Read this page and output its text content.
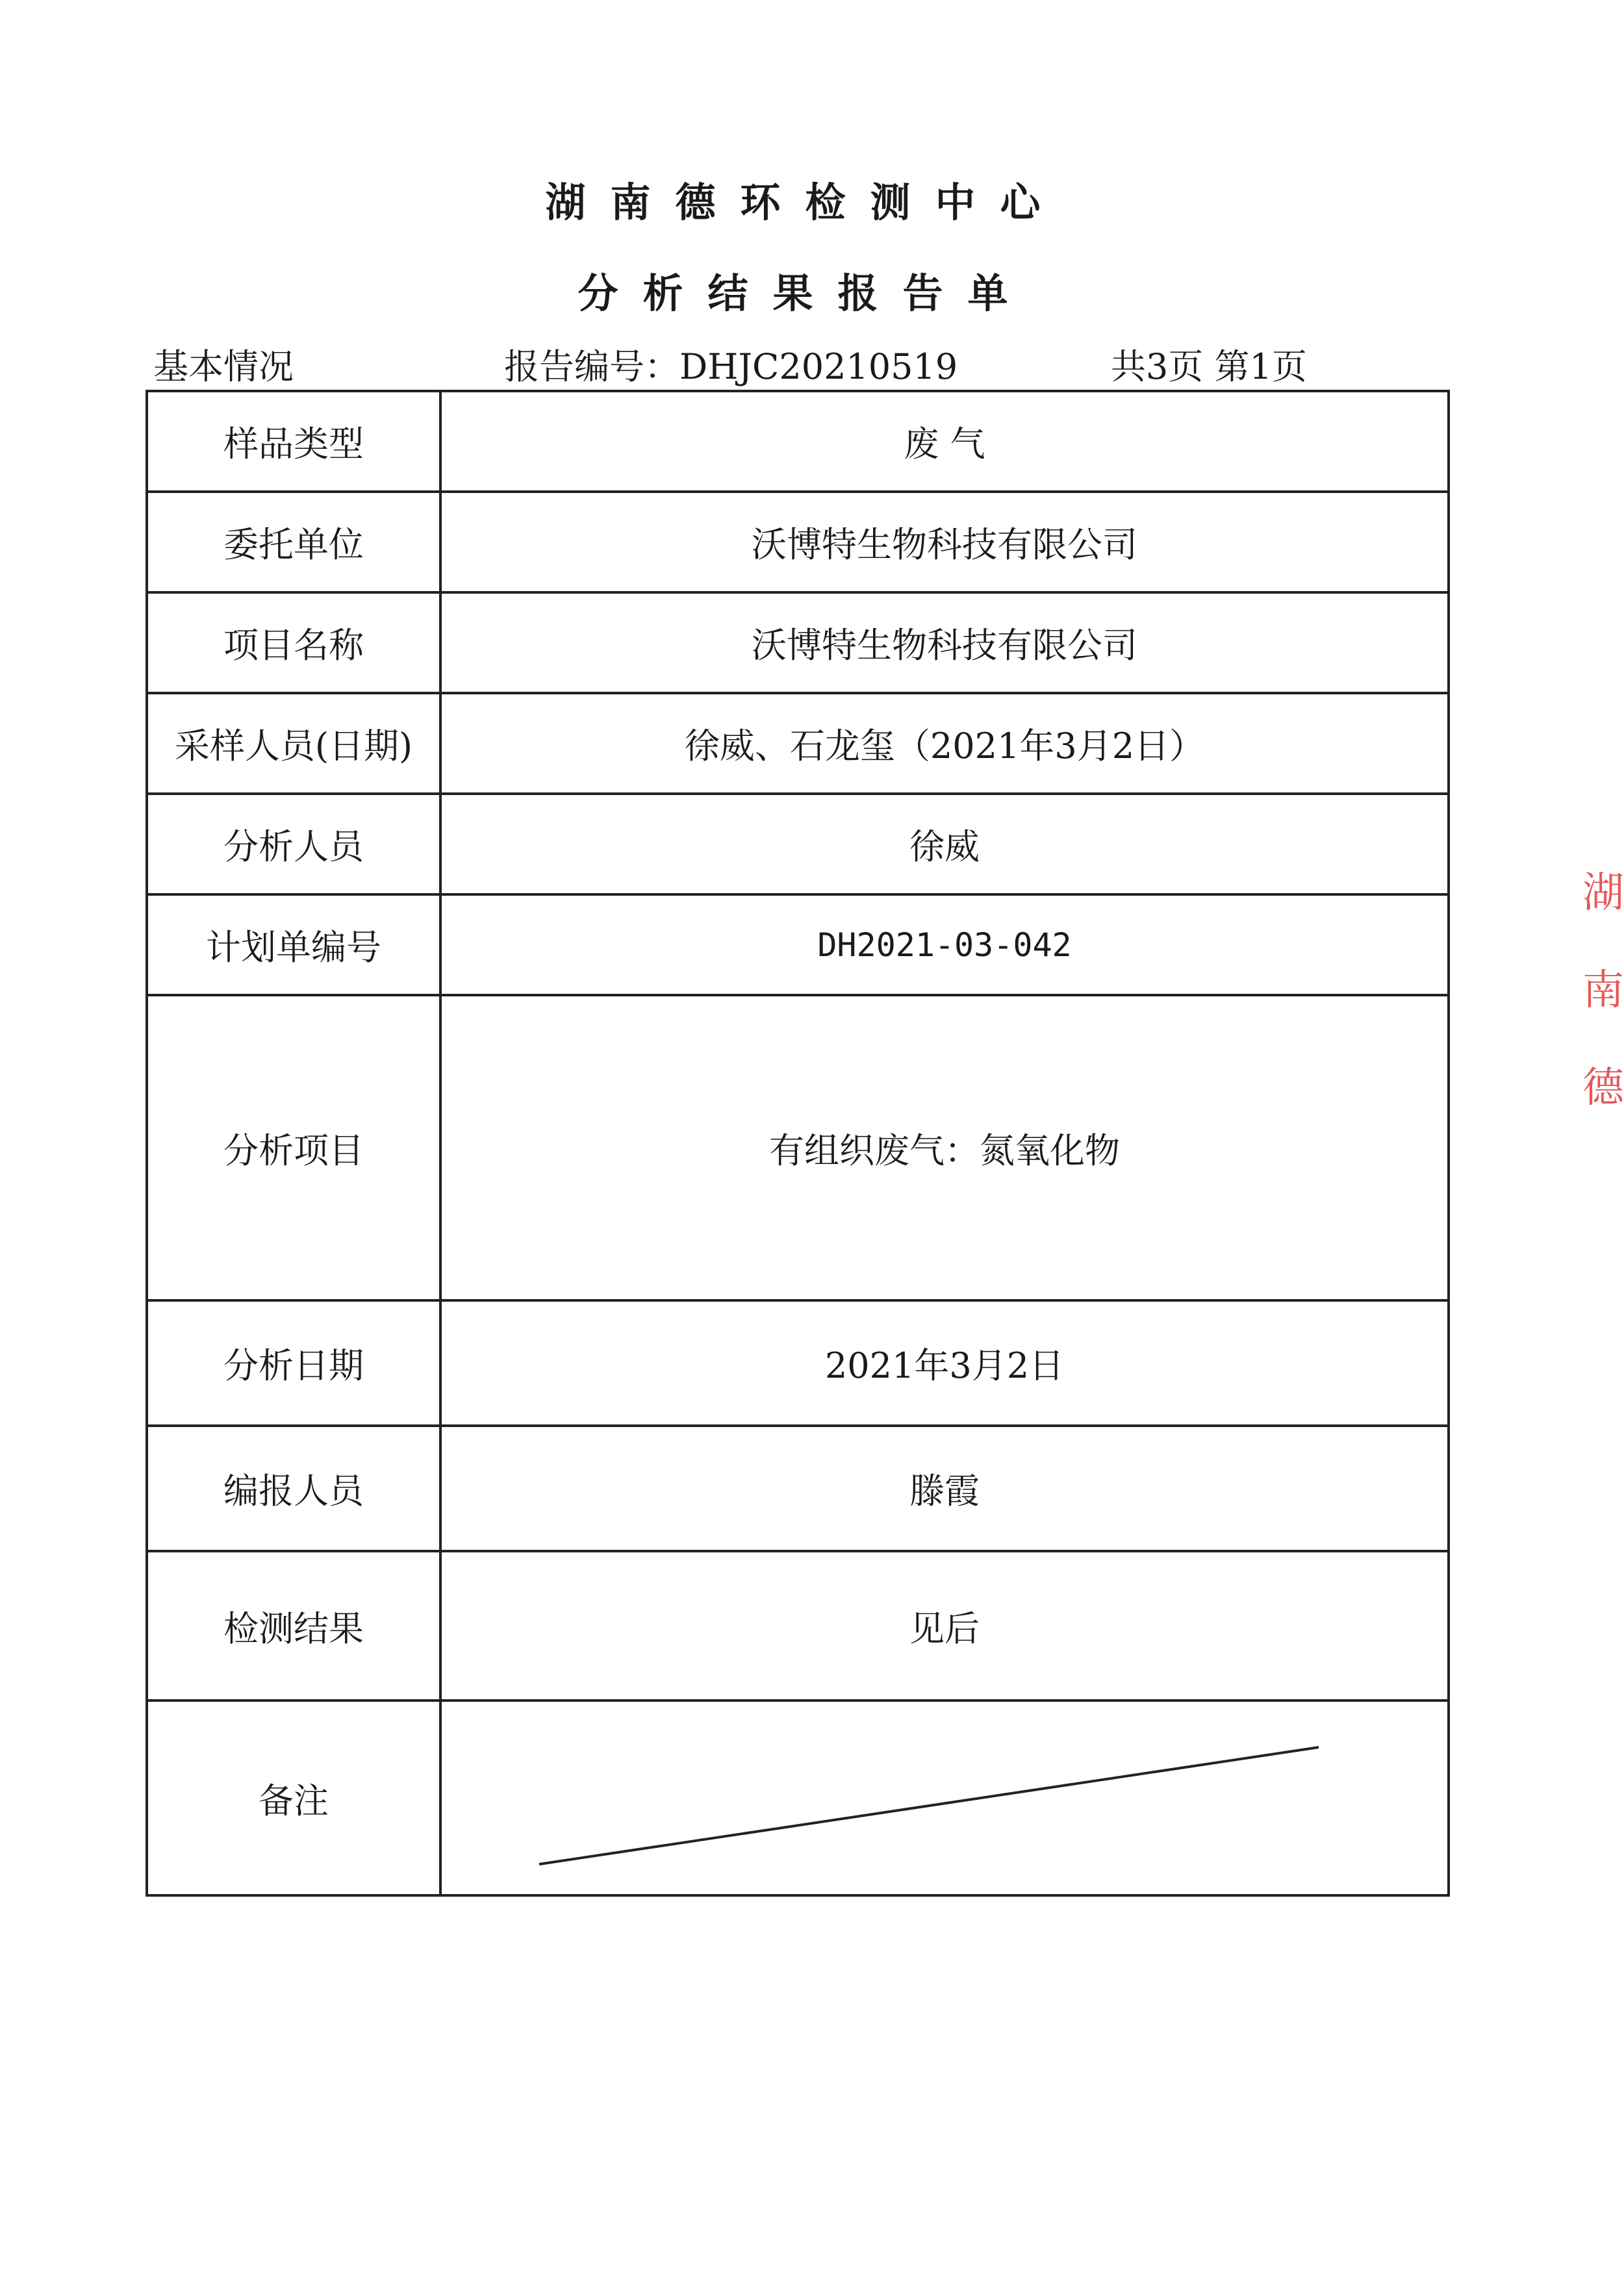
湖南德环检测中心
分析结果报告单
基本情况	报告编号：DHJC20210519	共3页 第1页
样品类型	废 气
委托单位	沃博特生物科技有限公司
项目名称	沃博特生物科技有限公司
采样人员(日期)	徐威、石龙玺（2021年3月2日）
分析人员	徐威
计划单编号	DH2021-03-042
分析项目	有组织废气：氮氧化物
分析日期	2021年3月2日
编报人员	滕霞
检测结果	见后
备注	
湖 南 德
